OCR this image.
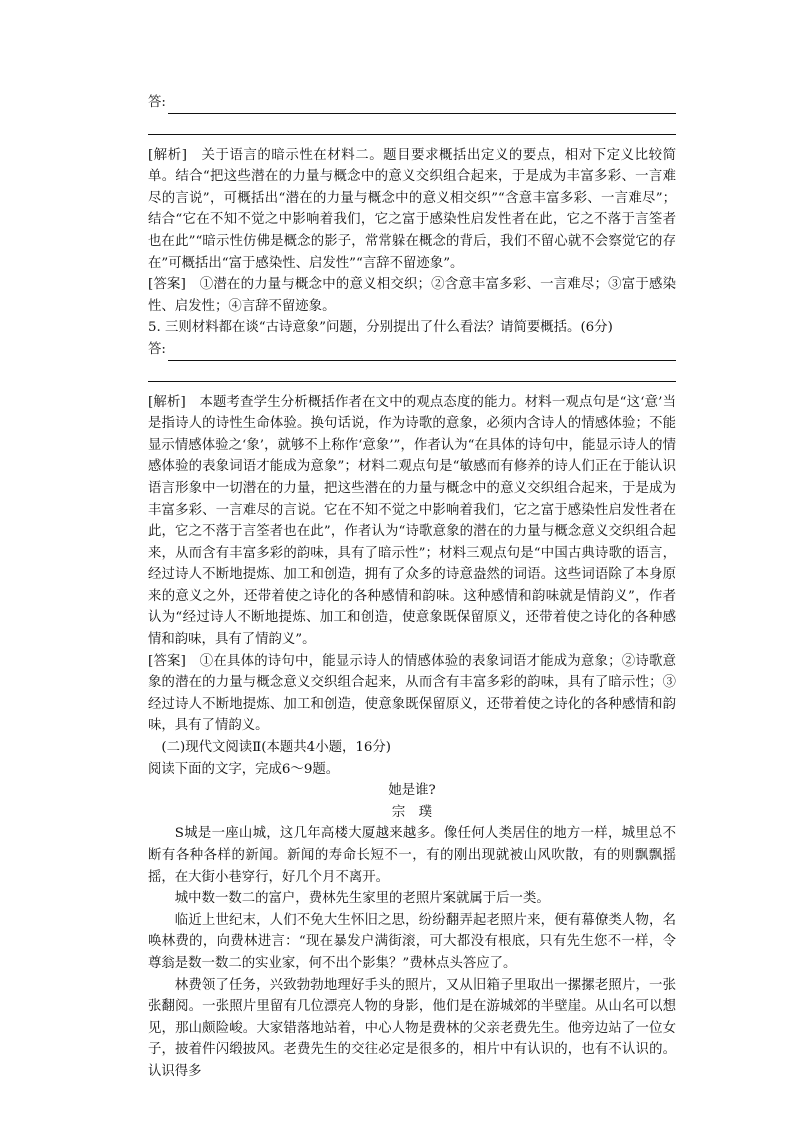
答:

[解析]　关于语言的暗示性在材料二。题目要求概括出定义的要点，相对下定义比较简单。结合“把这些潜在的力量与概念中的意义交织组合起来，于是成为丰富多彩、一言难尽的言说”，可概括出“潜在的力量与概念中的意义相交织”“含意丰富多彩、一言难尽”；结合“它在不知不觉之中影响着我们，它之富于感染性启发性者在此，它之不落于言筌者也在此”“暗示性仿佛是概念的影子，常常躲在概念的背后，我们不留心就不会察觉它的存在”可概括出“富于感染性、启发性”“言辞不留迹象”。

[答案]　①潜在的力量与概念中的意义相交织；②含意丰富多彩、一言难尽；③富于感染性、启发性；④言辞不留迹象。

5. 三则材料都在谈“古诗意象”问题，分别提出了什么看法？请简要概括。(6分)

答:

[解析]　本题考查学生分析概括作者在文中的观点态度的能力。材料一观点句是“这‘意’当是指诗人的诗性生命体验。换句话说，作为诗歌的意象，必须内含诗人的情感体验；不能显示情感体验之‘象’，就够不上称作‘意象’”，作者认为“在具体的诗句中，能显示诗人的情感体验的表象词语才能成为意象”；材料二观点句是“敏感而有修养的诗人们正在于能认识语言形象中一切潜在的力量，把这些潜在的力量与概念中的意义交织组合起来，于是成为丰富多彩、一言难尽的言说。它在不知不觉之中影响着我们，它之富于感染性启发性者在此，它之不落于言筌者也在此”，作者认为“诗歌意象的潜在的力量与概念意义交织组合起来，从而含有丰富多彩的韵味，具有了暗示性”；材料三观点句是“中国古典诗歌的语言，经过诗人不断地提炼、加工和创造，拥有了众多的诗意盎然的词语。这些词语除了本身原来的意义之外，还带着使之诗化的各种感情和韵味。这种感情和韵味就是情韵义”，作者认为“经过诗人不断地提炼、加工和创造，使意象既保留原义，还带着使之诗化的各种感情和韵味，具有了情韵义”。

[答案]　①在具体的诗句中，能显示诗人的情感体验的表象词语才能成为意象；②诗歌意象的潜在的力量与概念意义交织组合起来，从而含有丰富多彩的韵味，具有了暗示性；③经过诗人不断地提炼、加工和创造，使意象既保留原义，还带着使之诗化的各种感情和韵味，具有了情韵义。

(二)现代文阅读Ⅱ(本题共4小题，16分)

阅读下面的文字，完成6～9题。

她是谁?

宗　璞

S城是一座山城，这几年高楼大厦越来越多。像任何人类居住的地方一样，城里总不断有各种各样的新闻。新闻的寿命长短不一，有的刚出现就被山风吹散，有的则飘飘摇摇，在大街小巷穿行，好几个月不离开。

城中数一数二的富户，费林先生家里的老照片案就属于后一类。

临近上世纪末，人们不免大生怀旧之思，纷纷翻弄起老照片来，便有幕僚类人物，名唤林费的，向费林进言：“现在暴发户满街滚，可大都没有根底，只有先生您不一样，令尊翁是数一数二的实业家，何不出个影集？”费林点头答应了。

林费领了任务，兴致勃勃地理好手头的照片，又从旧箱子里取出一摞摞老照片，一张张翻阅。一张照片里留有几位漂亮人物的身影，他们是在游城郊的半壁崖。从山名可以想见，那山颇险峻。大家错落地站着，中心人物是费林的父亲老费先生。他旁边站了一位女子，披着件闪缎披风。老费先生的交往必定是很多的，相片中有认识的，也有不认识的。认识得多
